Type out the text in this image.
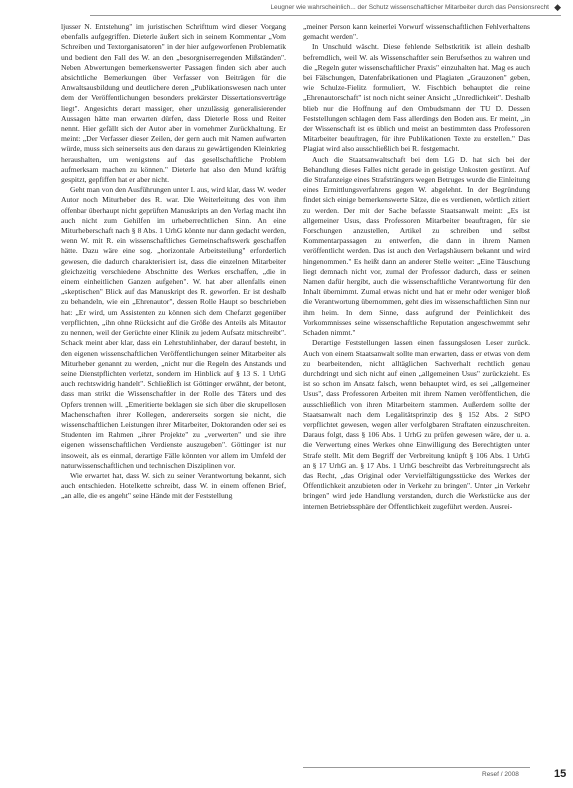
Leugner wie wahrscheinlich... der Schutz wissenschaftlicher Mitarbeiter durch das Pensionsrecht ◆

ljusser N. Entstehung" im juristischen Schrifttum wird dieser Vorgang ebenfalls aufgegriffen. Dieterle äußert sich in seinem Kommentar „Vom Schreiben und Textorganisatoren" in der hier aufgeworfenen Problematik und bedient den Fall des W. an den „besorgniserregenden Mißständen". Neben Abwertungen bemerkenswerter Passagen finden sich aber auch absichtliche Bemerkungen über Verfasser von Beiträgen für die Anwaltsausbildung und deutlichere deren „Publikationswesen nach unter dem der Veröffentlichungen besonders prekärster Dissertationsverträge liegt". Angesichts derart massiger, eher unzulässig generalisierender Aussagen hätte man erwarten dürfen, dass Dieterle Ross und Reiter nennt. Hier gefällt sich der Autor aber in vornehmer Zurückhaltung. Er meint: „Der Verfasser dieser Zeilen, der gern auch mit Namen aufwarten würde, muss sich seinerseits aus den daraus zu gewärtigenden Kleinkrieg heraushalten, um wenigstens auf das gesellschaftliche Problem aufmerksam machen zu können." Dieterle hat also den Mund kräftig gespitzt, gepfiffen hat er aber nicht.

Geht man von den Ausführungen unter I. aus, wird klar, dass W. weder Autor noch Miturheber des R. war. Die Weiterleitung des von ihm offenbar überhaupt nicht geprüften Manuskripts an den Verlag macht ihn auch nicht zum Gehilfen im urheberrechtlichen Sinn. An eine Miturheberschaft nach § 8 Abs. 1 UrhG könnte nur dann gedacht werden, wenn W. mit R. ein wissenschaftliches Gemeinschaftswerk geschaffen hätte. Dazu wäre eine sog. „horizontale Arbeitsteilung" erforderlich gewesen, die dadurch charakterisiert ist, dass die einzelnen Mitarbeiter gleichzeitig verschiedene Abschnitte des Werkes erschaffen, „die in einem einheitlichen Ganzen aufgehen". W. hat aber allenfalls einen „skeptischen" Blick auf das Manuskript des R. geworfen. Er ist deshalb zu behandeln, wie ein „Ehrenautor", dessen Rolle Haupt so beschrieben hat: „Er wird, um Assistenten zu können sich dem Chefarzt gegenüber verpflichten, „ihn ohne Rücksicht auf die Größe des Anteils als Mitautor zu nennen, weil der Gerüchte einer Klinik zu jedem Aufsatz mitschreibt". Schack meint aber klar, dass ein Lehrstuhlinhaber, der darauf besteht, in den eigenen wissenschaftlichen Veröffentlichungen seiner Mitarbeiter als Miturheber genannt zu werden, „nicht nur die Regeln des Anstands und seine Dienstpflichten verletzt, sondern im Hinblick auf § 13 S. 1 UrhG auch rechtswidrig handelt". Schließlich ist Göttinger erwähnt, der betont, dass man strikt die Wissenschaftler in der Rolle des Täters und des Opfers trennen will. „Emeritierte beklagen sie sich über die skrupellosen Machenschaften ihrer Kollegen, andererseits sorgen sie nicht, die wissenschaftlichen Leistungen ihrer Mitarbeiter, Doktoranden oder sei es Studenten im Rahmen „ihrer Projekte" zu „verwerten" und sie ihre eigenen wissenschaftlichen Verdienste auszugeben". Göttinger ist nur insoweit, als es einmal, derartige Fälle könnten vor allem im Umfeld der naturwissenschaftlichen und technischen Disziplinen vor.

Wie erwartet hat, dass W. sich zu seiner Verantwortung bekannt, sich auch entschieden. Hotelkette schreibt, dass W. in einem offenen Brief, „an alle, die es angeht" seine Hände mit der Feststellung

„meiner Person kann keinerlei Vorwurf wissenschaftlichen Fehlverhaltens gemacht werden".

In Unschuld wäscht. Diese fehlende Selbstkritik ist allein deshalb befremdlich, weil W. als Wissenschaftler sein Berufsethos zu wahren und die „Regeln guter wissenschaftlicher Praxis" einzuhalten hat. Mag es auch bei Fälschungen, Datenfabrikationen und Plagiaten „Grauzonen" geben, wie Schulze-Fielitz formuliert, W. Fischbich behauptet die reine „Ehrenautorschaft" ist noch nicht seiner Ansicht „Unredlichkeit". Deshalb blieb nur die Hoffnung auf den Ombudsmann der TU D. Dessen Feststellungen schlagen dem Fass allerdings den Boden aus. Er meint, „in der Wissenschaft ist es üblich und meist an bestimmten dass Professoren Mitarbeiter beauftragen, für ihre Publikationen Texte zu erstellen." Das Plagiat wird also ausschließlich bei R. festgemacht.

Auch die Staatsanwaltschaft bei dem LG D. hat sich bei der Behandlung dieses Falles nicht gerade in geistige Unkosten gestürzt. Auf die Strafanzeige eines Strafsträngers wegen Betruges wurde die Einleitung eines Ermittlungsverfahrens gegen W. abgelehnt. In der Begründung findet sich einige bemerkenswerte Sätze, die es verdienen, wörtlich zitiert zu werden. Der mit der Sache befasste Staatsanwalt meint: „Es ist allgemeiner Usus, dass Professoren Mitarbeiter beauftragen, für sie Forschungen anzustellen, Artikel zu schreiben und selbst Kommentarpassagen zu entwerfen, die dann in ihrem Namen veröffentlicht werden. Das ist auch den Verlagshäusern bekannt und wird hingenommen." Es heißt dann an anderer Stelle weiter: „Eine Täuschung liegt demnach nicht vor, zumal der Professor dadurch, dass er seinen Namen dafür hergibt, auch die wissenschaftliche Verantwortung für den Inhalt übernimmt. Zumal etwas nicht und hat er mehr oder weniger bloß die Verantwortung übernommen, geht dies im wissenschaftlichen Sinn nur ihm heim. In dem Sinne, dass aufgrund der Peinlichkeit des Vorkommnisses seine wissenschaftliche Reputation angeschwemmt sehr Schaden nimmt."

Derartige Feststellungen lassen einen fassungslosen Leser zurück. Auch von einem Staatsanwalt sollte man erwarten, dass er etwas von dem zu bearbeitenden, nicht alltäglichen Sachverhalt rechtlich genau durchdringt und sich nicht auf einen „allgemeinen Usus" zurückzieht. Es ist so schon im Ansatz falsch, wenn behauptet wird, es sei „allgemeiner Usus", dass Professoren Arbeiten mit ihrem Namen veröffentlichen, die ausschließlich von ihren Mitarbeitern stammen. Außerdem sollte der Staatsanwalt nach dem Legalitätsprinzip des § 152 Abs. 2 StPO verpflichtet gewesen, wegen aller verfolgbaren Straftaten einzuschreiten. Daraus folgt, dass § 106 Abs. 1 UrhG zu prüfen gewesen wäre, der u. a. die Verwertung eines Werkes ohne Einwilligung des Berechtigten unter Strafe stellt. Mit dem Begriff der Verbreitung knüpft § 106 Abs. 1 UrhG an § 17 UrhG an. § 17 Abs. 1 UrhG beschreibt das Verbreitungsrecht als das Recht, „das Original oder Vervielfältigungsstücke des Werkes der Öffentlichkeit anzubieten oder in Verkehr zu bringen". Unter „in Verkehr bringen" wird jede Handlung verstanden, durch die Werkstücke aus der internen Betriebssphäre der Öffentlichkeit zugeführt werden. Ausrei-

Resef / 2008	15
